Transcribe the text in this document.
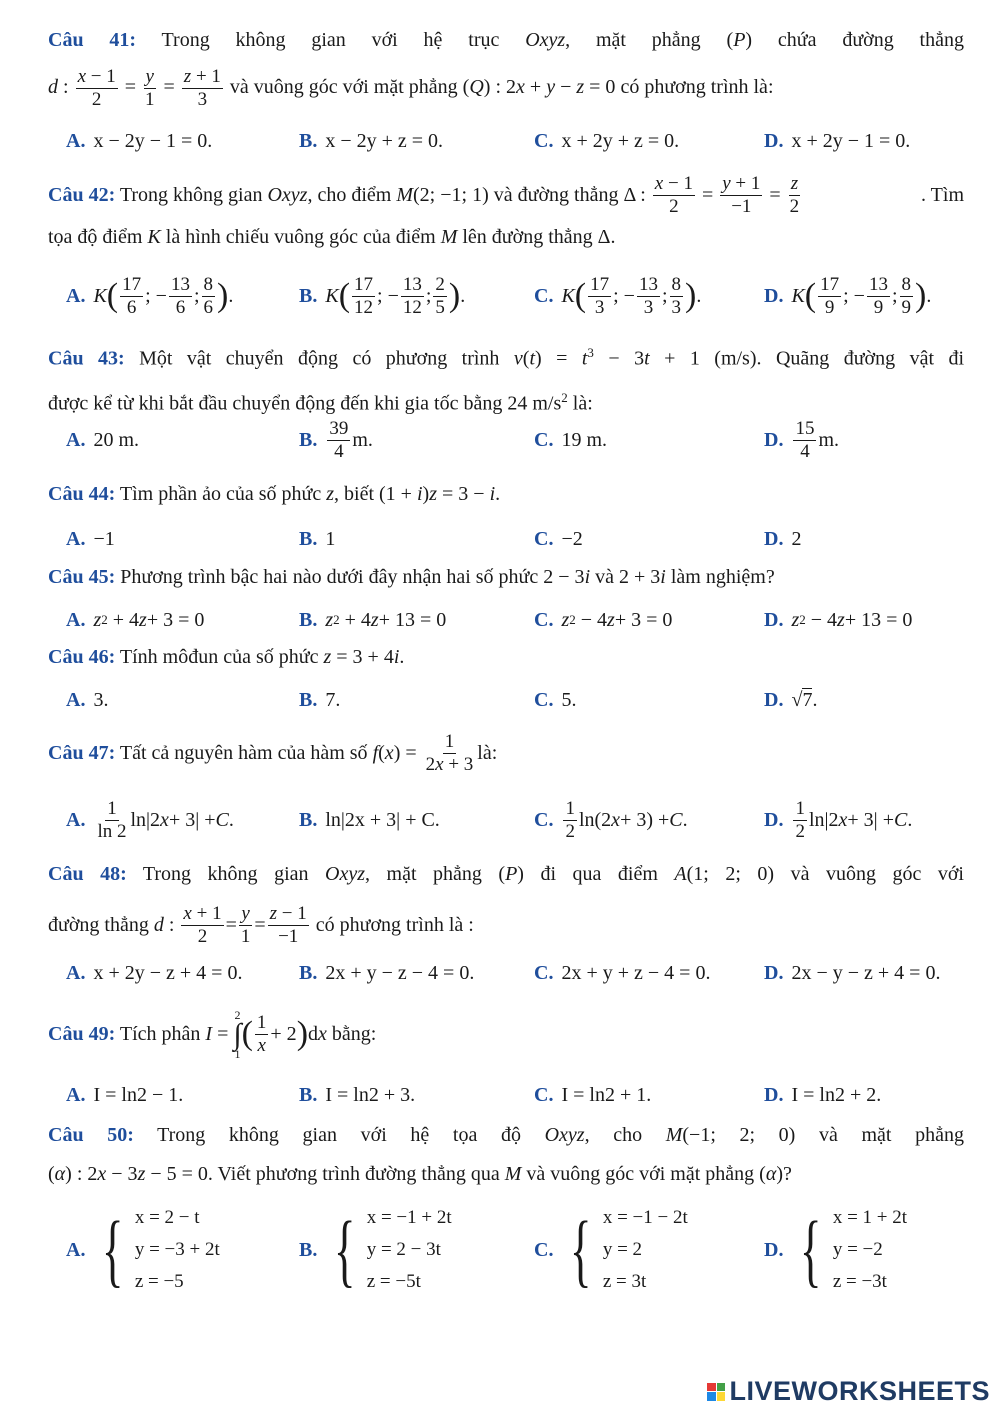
Câu 41: Trong không gian với hệ trục Oxyz, mặt phẳng (P) chứa đường thẳng
d : $\frac{x - 1}{2} = \frac{y}{1} = \frac{z + 1}{3}$ và vuông góc với mặt phẳng (Q) : 2x + y − z = 0 có phương trình là:
A. x − 2y − 1 = 0.	B. x − 2y + z = 0.	C. x + 2y + z = 0.	D. x + 2y − 1 = 0.
Câu 42: Trong không gian Oxyz, cho điểm M(2; −1; 1) và đường thẳng Δ : $\frac{x - 1}{2} = \frac{y + 1}{-1} = \frac{z}{2}$	. Tìm
tọa độ điểm K là hình chiếu vuông góc của điểm M lên đường thẳng Δ.
A. K ( $\frac{17}{6}$ ; − $\frac{13}{6}$ ; $\frac{8}{6}$ ) .	B. K ( $\frac{17}{12}$ ; − $\frac{13}{12}$ ; $\frac{2}{5}$ ) .	C. K ( $\frac{17}{3}$ ; − $\frac{13}{3}$ ; $\frac{8}{3}$ ) .	D. K ( $\frac{17}{9}$ ; − $\frac{13}{9}$ ; $\frac{8}{9}$ ) .
Câu 43: Một vật chuyển động có phương trình $v(t) = t^3 - 3t + 1$ (m/s). Quãng đường vật đi
được kể từ khi bắt đầu chuyển động đến khi gia tốc bằng 24 $m/s^2$ là:
A. 20 m.	B. $\frac{39}{4} m$.	C. 19 m.	D. $\frac{15}{4} m$.
Câu 44: Tìm phần ảo của số phức z, biết (1 + i)z = 3 − i.
A. −1	B. 1	C. −2	D. 2
Câu 45: Phương trình bậc hai nào dưới đây nhận hai số phức 2 − 3i và 2 + 3i làm nghiệm?
A. z 2 + 4 z + 3 = 0	B. z 2 + 4 z + 13 = 0	C. z 2 − 4 z + 3 = 0	D. z 2 − 4 z + 13 = 0
Câu 46: Tính môđun của số phức z = 3 + 4i.
A. 3.	B. 7.	C. 5.	D. √ 7 .
Câu 47: Tất cả nguyên hàm của hàm số f ( x ) = $\frac{1}{2x + 3}$ là:
A. $\frac{1}{\ln 2} \ln|2$ x + 3| + C .	B. ln|2x + 3| + C.	C. $\frac{1}{2} \ln(2$ x + 3) + C .	D. $\frac{1}{2} \ln|2$ x + 3| + C .
Câu 48: Trong không gian Oxyz, mặt phẳng (P) đi qua điểm A(1; 2; 0) và vuông góc với
đường thẳng d : $\frac{x + 1}{2} = \frac{y}{1} = \frac{z - 1}{-1}$ có phương trình là :
A. x + 2y − z + 4 = 0.	B. 2x + y − z − 4 = 0.	C. 2x + y + z − 4 = 0.	D. 2x − y − z + 4 = 0.
Câu 49: Tích phân I =
2
∫
1
( $\frac{1}{x} + 2$ ) d x bằng:
A. I = ln2 − 1.	B. I = ln2 + 3.	C. I = ln2 + 1.	D. I = ln2 + 2.
Câu 50: Trong không gian với hệ tọa độ Oxyz, cho M(−1; 2; 0) và mặt phẳng
(α) : 2x − 3z − 5 = 0. Viết phương trình đường thẳng qua M và vuông góc với mặt phẳng (α)?
A. { x = 2 − t
y = −3 + 2t
z = −5
B. { x = −1 + 2t
y = 2 − 3t
z = −5t
C. { x = −1 − 2t
y = 2
z = 3t
D. { x = 1 + 2t
y = −2
z = −3t
LIVEWORKSHEETS
